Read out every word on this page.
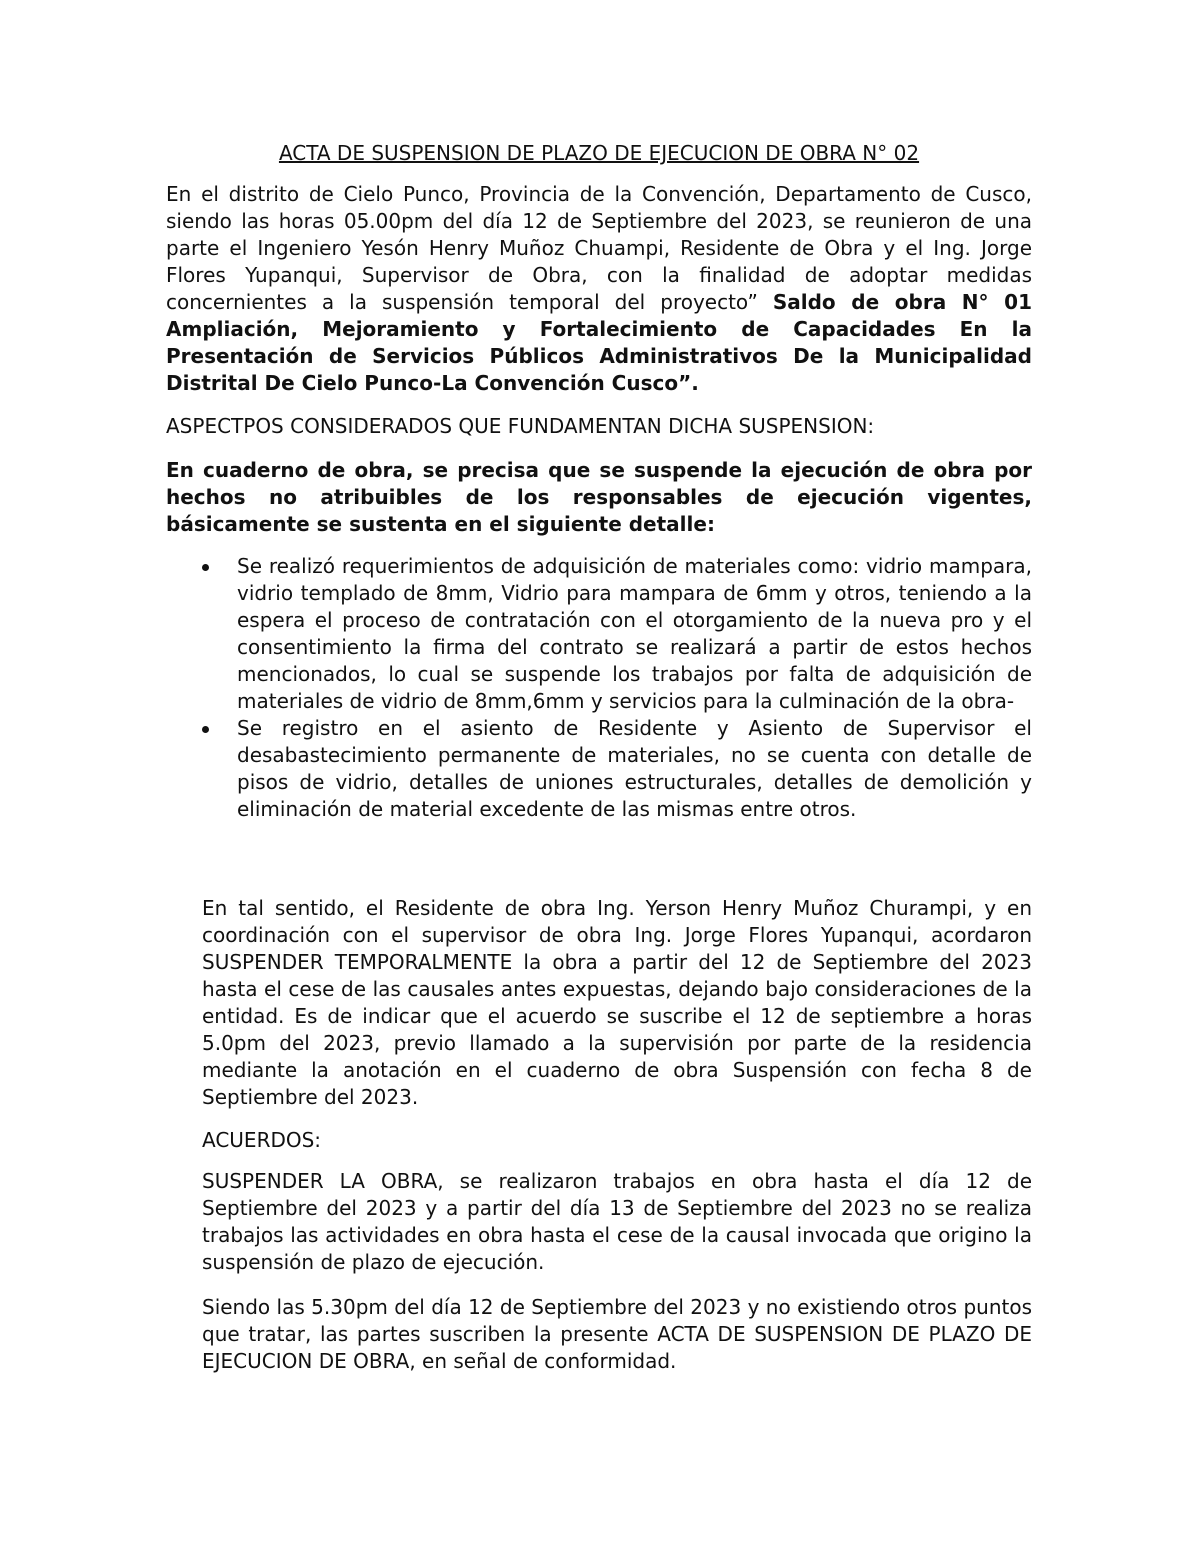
ACTA DE SUSPENSION DE PLAZO DE EJECUCION DE OBRA N° 02

En el distrito de Cielo Punco, Provincia de la Convención, Departamento de Cusco, siendo las horas 05.00pm del día 12 de Septiembre del 2023, se reunieron de una parte el Ingeniero Yesón Henry Muñoz Chuampi, Residente de Obra y el Ing. Jorge Flores Yupanqui, Supervisor de Obra, con la finalidad de adoptar medidas concernientes a la suspensión temporal del proyecto” Saldo de obra N° 01 Ampliación, Mejoramiento y Fortalecimiento de Capacidades En la Presentación de Servicios Públicos Administrativos De la Municipalidad Distrital De Cielo Punco-La Convención Cusco”.

ASPECTPOS CONSIDERADOS QUE FUNDAMENTAN DICHA SUSPENSION:

En cuaderno de obra, se precisa que se suspende la ejecución de obra por hechos no atribuibles de los responsables de ejecución vigentes, básicamente se sustenta en el siguiente detalle:

Se realizó requerimientos de adquisición de materiales como: vidrio mampara, vidrio templado de 8mm, Vidrio para mampara de 6mm y otros, teniendo a la espera el proceso de contratación con el otorgamiento de la nueva pro y el consentimiento la firma del contrato se realizará a partir de estos hechos mencionados, lo cual se suspende los trabajos por falta de adquisición de materiales de vidrio de 8mm,6mm y servicios para la culminación de la obra-
Se registro en el asiento de Residente y Asiento de Supervisor el desabastecimiento permanente de materiales, no se cuenta con detalle de pisos de vidrio, detalles de uniones estructurales, detalles de demolición y eliminación de material excedente de las mismas entre otros.

En tal sentido, el Residente de obra Ing. Yerson Henry Muñoz Churampi, y en coordinación con el supervisor de obra Ing. Jorge Flores Yupanqui, acordaron SUSPENDER TEMPORALMENTE la obra a partir del 12 de Septiembre del 2023 hasta el cese de las causales antes expuestas, dejando bajo consideraciones de la entidad. Es de indicar que el acuerdo se suscribe el 12 de septiembre a horas 5.0pm del 2023, previo llamado a la supervisión por parte de la residencia mediante la anotación en el cuaderno de obra Suspensión con fecha 8 de Septiembre del 2023.

ACUERDOS:

SUSPENDER LA OBRA, se realizaron trabajos en obra hasta el día 12 de Septiembre del 2023 y a partir del día 13 de Septiembre del 2023 no se realiza trabajos las actividades en obra hasta el cese de la causal invocada que origino la suspensión de plazo de ejecución.

Siendo las 5.30pm del día 12 de Septiembre del 2023 y no existiendo otros puntos que tratar, las partes suscriben la presente ACTA DE SUSPENSION DE PLAZO DE EJECUCION DE OBRA, en señal de conformidad.
